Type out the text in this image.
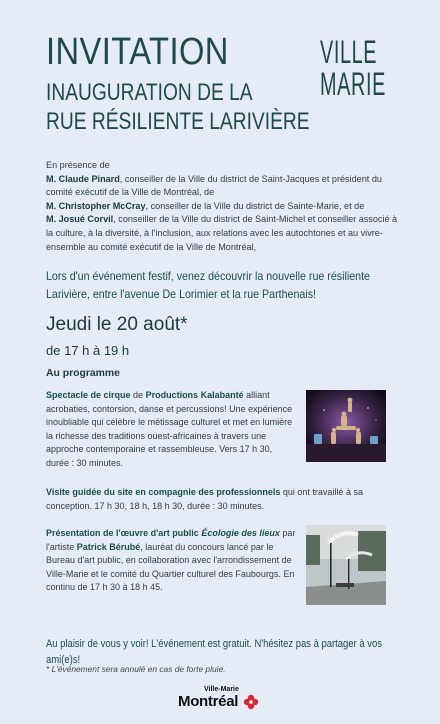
INVITATION
INAUGURATION DE LA
RUE RÉSILIENTE LARIVIÈRE
VILLE
MARIE
En présence de
M. Claude Pinard, conseiller de la Ville du district de Saint-Jacques et président du comité exécutif de la Ville de Montréal, de
M. Christopher McCray, conseiller de la Ville du district de Sainte-Marie, et de
M. Josué Corvil, conseiller de la Ville du district de Saint-Michel et conseiller associé à la culture, à la diversité, à l'inclusion, aux relations avec les autochtones et au vivre-ensemble au comité exécutif de la Ville de Montréal,
Lors d'un événement festif, venez découvrir la nouvelle rue résiliente Larivière, entre l'avenue De Lorimier et la rue Parthenais!
Jeudi le 20 août*
de 17 h à 19 h
Au programme
Spectacle de cirque de Productions Kalabanté alliant acrobaties, contorsion, danse et percussions! Une expérience inoubliable qui célèbre le métissage culturel et met en lumière la richesse des traditions ouest-africaines à travers une approche contemporaine et rassembleuse. Vers 17 h 30, durée : 30 minutes.
Visite guidée du site en compagnie des professionnels qui ont travaillé à sa conception. 17 h 30, 18 h, 18 h 30, durée : 30 minutes.
Présentation de l'œuvre d'art public Écologie des lieux par l'artiste Patrick Bérubé, lauréat du concours lancé par le Bureau d'art public, en collaboration avec l'arrondissement de Ville-Marie et le comité du Quartier culturel des Faubourgs. En continu de 17 h 30 à 18 h 45.
Au plaisir de vous y voir! L'événement est gratuit. N'hésitez pas à partager à vos ami(e)s!
* L'événement sera annulé en cas de forte pluie.
Ville-Marie
Montréal
